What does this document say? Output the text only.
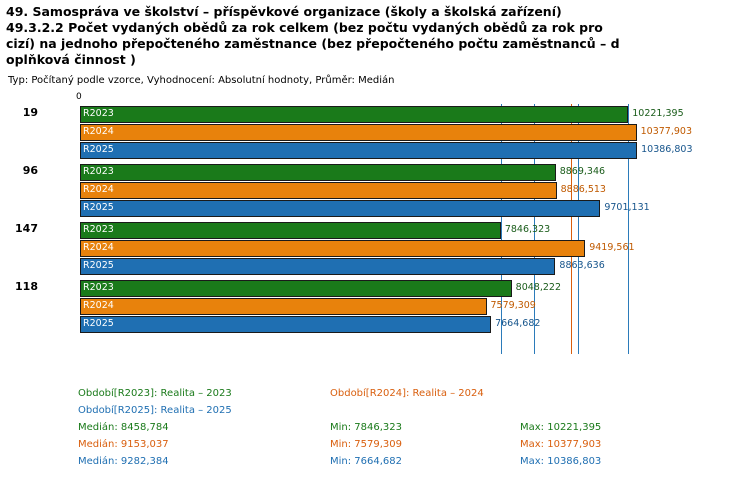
49. Samospráva ve školství – příspěvkové organizace (školy a školská zařízení)
49.3.2.2 Počet vydaných obědů za rok celkem (bez počtu vydaných obědů za rok pro
cizí) na jednoho přepočteného zaměstnance (bez přepočteného počtu zaměstnanců – d
oplňková činnost )
Typ: Počítaný podle vzorce, Vyhodnocení: Absolutní hodnoty, Průměr: Medián
0
19	R2023	10221,395
R2024	10377,903
R2025	10386,803
96	R2023	8869,346
R2024	8886,513
R2025	9701,131
147	R2023	7846,323
R2024	9419,561
R2025	8863,636
118	R2023	8048,222
R2024	7579,309
R2025	7664,682
Období[R2023]: Realita – 2023	Období[R2024]: Realita – 2024
Období[R2025]: Realita – 2025
Medián: 8458,784	Min: 7846,323	Max: 10221,395
Medián: 9153,037	Min: 7579,309	Max: 10377,903
Medián: 9282,384	Min: 7664,682	Max: 10386,803
